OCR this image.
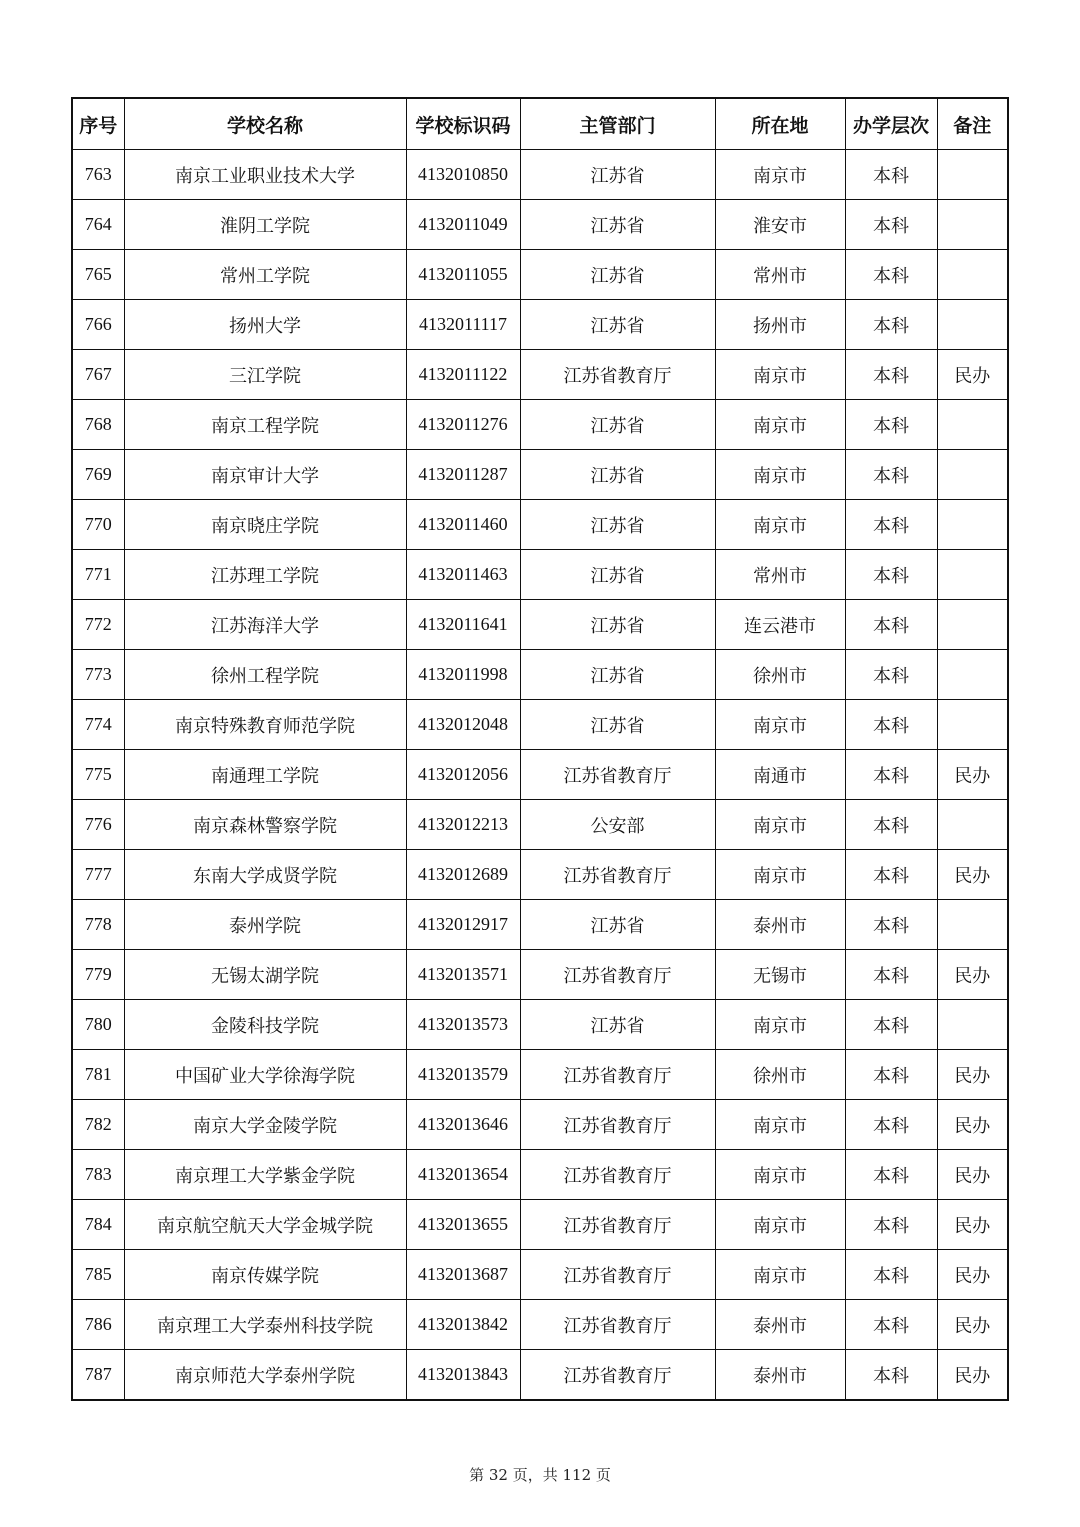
序号	学校名称	学校标识码	主管部门	所在地	办学层次	备注
763	南京工业职业技术大学	4132010850	江苏省	南京市	本科	
764	淮阴工学院	4132011049	江苏省	淮安市	本科	
765	常州工学院	4132011055	江苏省	常州市	本科	
766	扬州大学	4132011117	江苏省	扬州市	本科	
767	三江学院	4132011122	江苏省教育厅	南京市	本科	民办
768	南京工程学院	4132011276	江苏省	南京市	本科	
769	南京审计大学	4132011287	江苏省	南京市	本科	
770	南京晓庄学院	4132011460	江苏省	南京市	本科	
771	江苏理工学院	4132011463	江苏省	常州市	本科	
772	江苏海洋大学	4132011641	江苏省	连云港市	本科	
773	徐州工程学院	4132011998	江苏省	徐州市	本科	
774	南京特殊教育师范学院	4132012048	江苏省	南京市	本科	
775	南通理工学院	4132012056	江苏省教育厅	南通市	本科	民办
776	南京森林警察学院	4132012213	公安部	南京市	本科	
777	东南大学成贤学院	4132012689	江苏省教育厅	南京市	本科	民办
778	泰州学院	4132012917	江苏省	泰州市	本科	
779	无锡太湖学院	4132013571	江苏省教育厅	无锡市	本科	民办
780	金陵科技学院	4132013573	江苏省	南京市	本科	
781	中国矿业大学徐海学院	4132013579	江苏省教育厅	徐州市	本科	民办
782	南京大学金陵学院	4132013646	江苏省教育厅	南京市	本科	民办
783	南京理工大学紫金学院	4132013654	江苏省教育厅	南京市	本科	民办
784	南京航空航天大学金城学院	4132013655	江苏省教育厅	南京市	本科	民办
785	南京传媒学院	4132013687	江苏省教育厅	南京市	本科	民办
786	南京理工大学泰州科技学院	4132013842	江苏省教育厅	泰州市	本科	民办
787	南京师范大学泰州学院	4132013843	江苏省教育厅	泰州市	本科	民办
第 32 页，共 112 页
